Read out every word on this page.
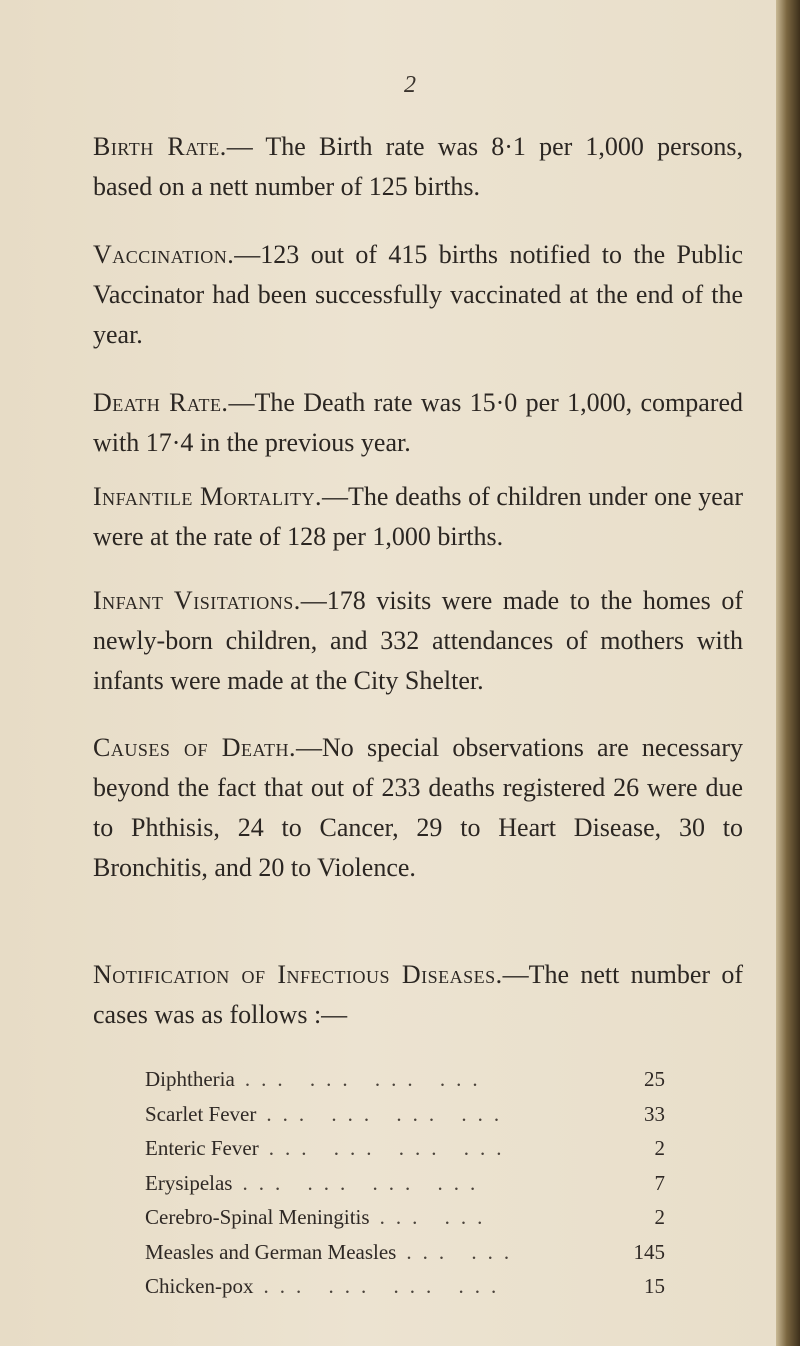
2

Birth Rate.— The Birth rate was 8·1 per 1,000 persons, based on a nett number of 125 births.

Vaccination.—123 out of 415 births notified to the Public Vaccinator had been successfully vaccinated at the end of the year.

Death Rate.—The Death rate was 15·0 per 1,000, compared with 17·4 in the previous year.

Infantile Mortality.—The deaths of children under one year were at the rate of 128 per 1,000 births.

Infant Visitations.—178 visits were made to the homes of newly-born children, and 332 attendances of mothers with infants were made at the City Shelter.

Causes of Death.—No special observations are necessary beyond the fact that out of 233 deaths registered 26 were due to Phthisis, 24 to Cancer, 29 to Heart Disease, 30 to Bronchitis, and 20 to Violence.

Notification of Infectious Diseases.—The nett number of cases was as follows :—

Diphtheria ... ... ... ...	25
Scarlet Fever ... ... ... ...	33
Enteric Fever ... ... ... ...	2
Erysipelas ... ... ... ...	7
Cerebro-Spinal Meningitis ... ...	2
Measles and German Measles ... ...	145
Chicken-pox ... ... ... ...	15
